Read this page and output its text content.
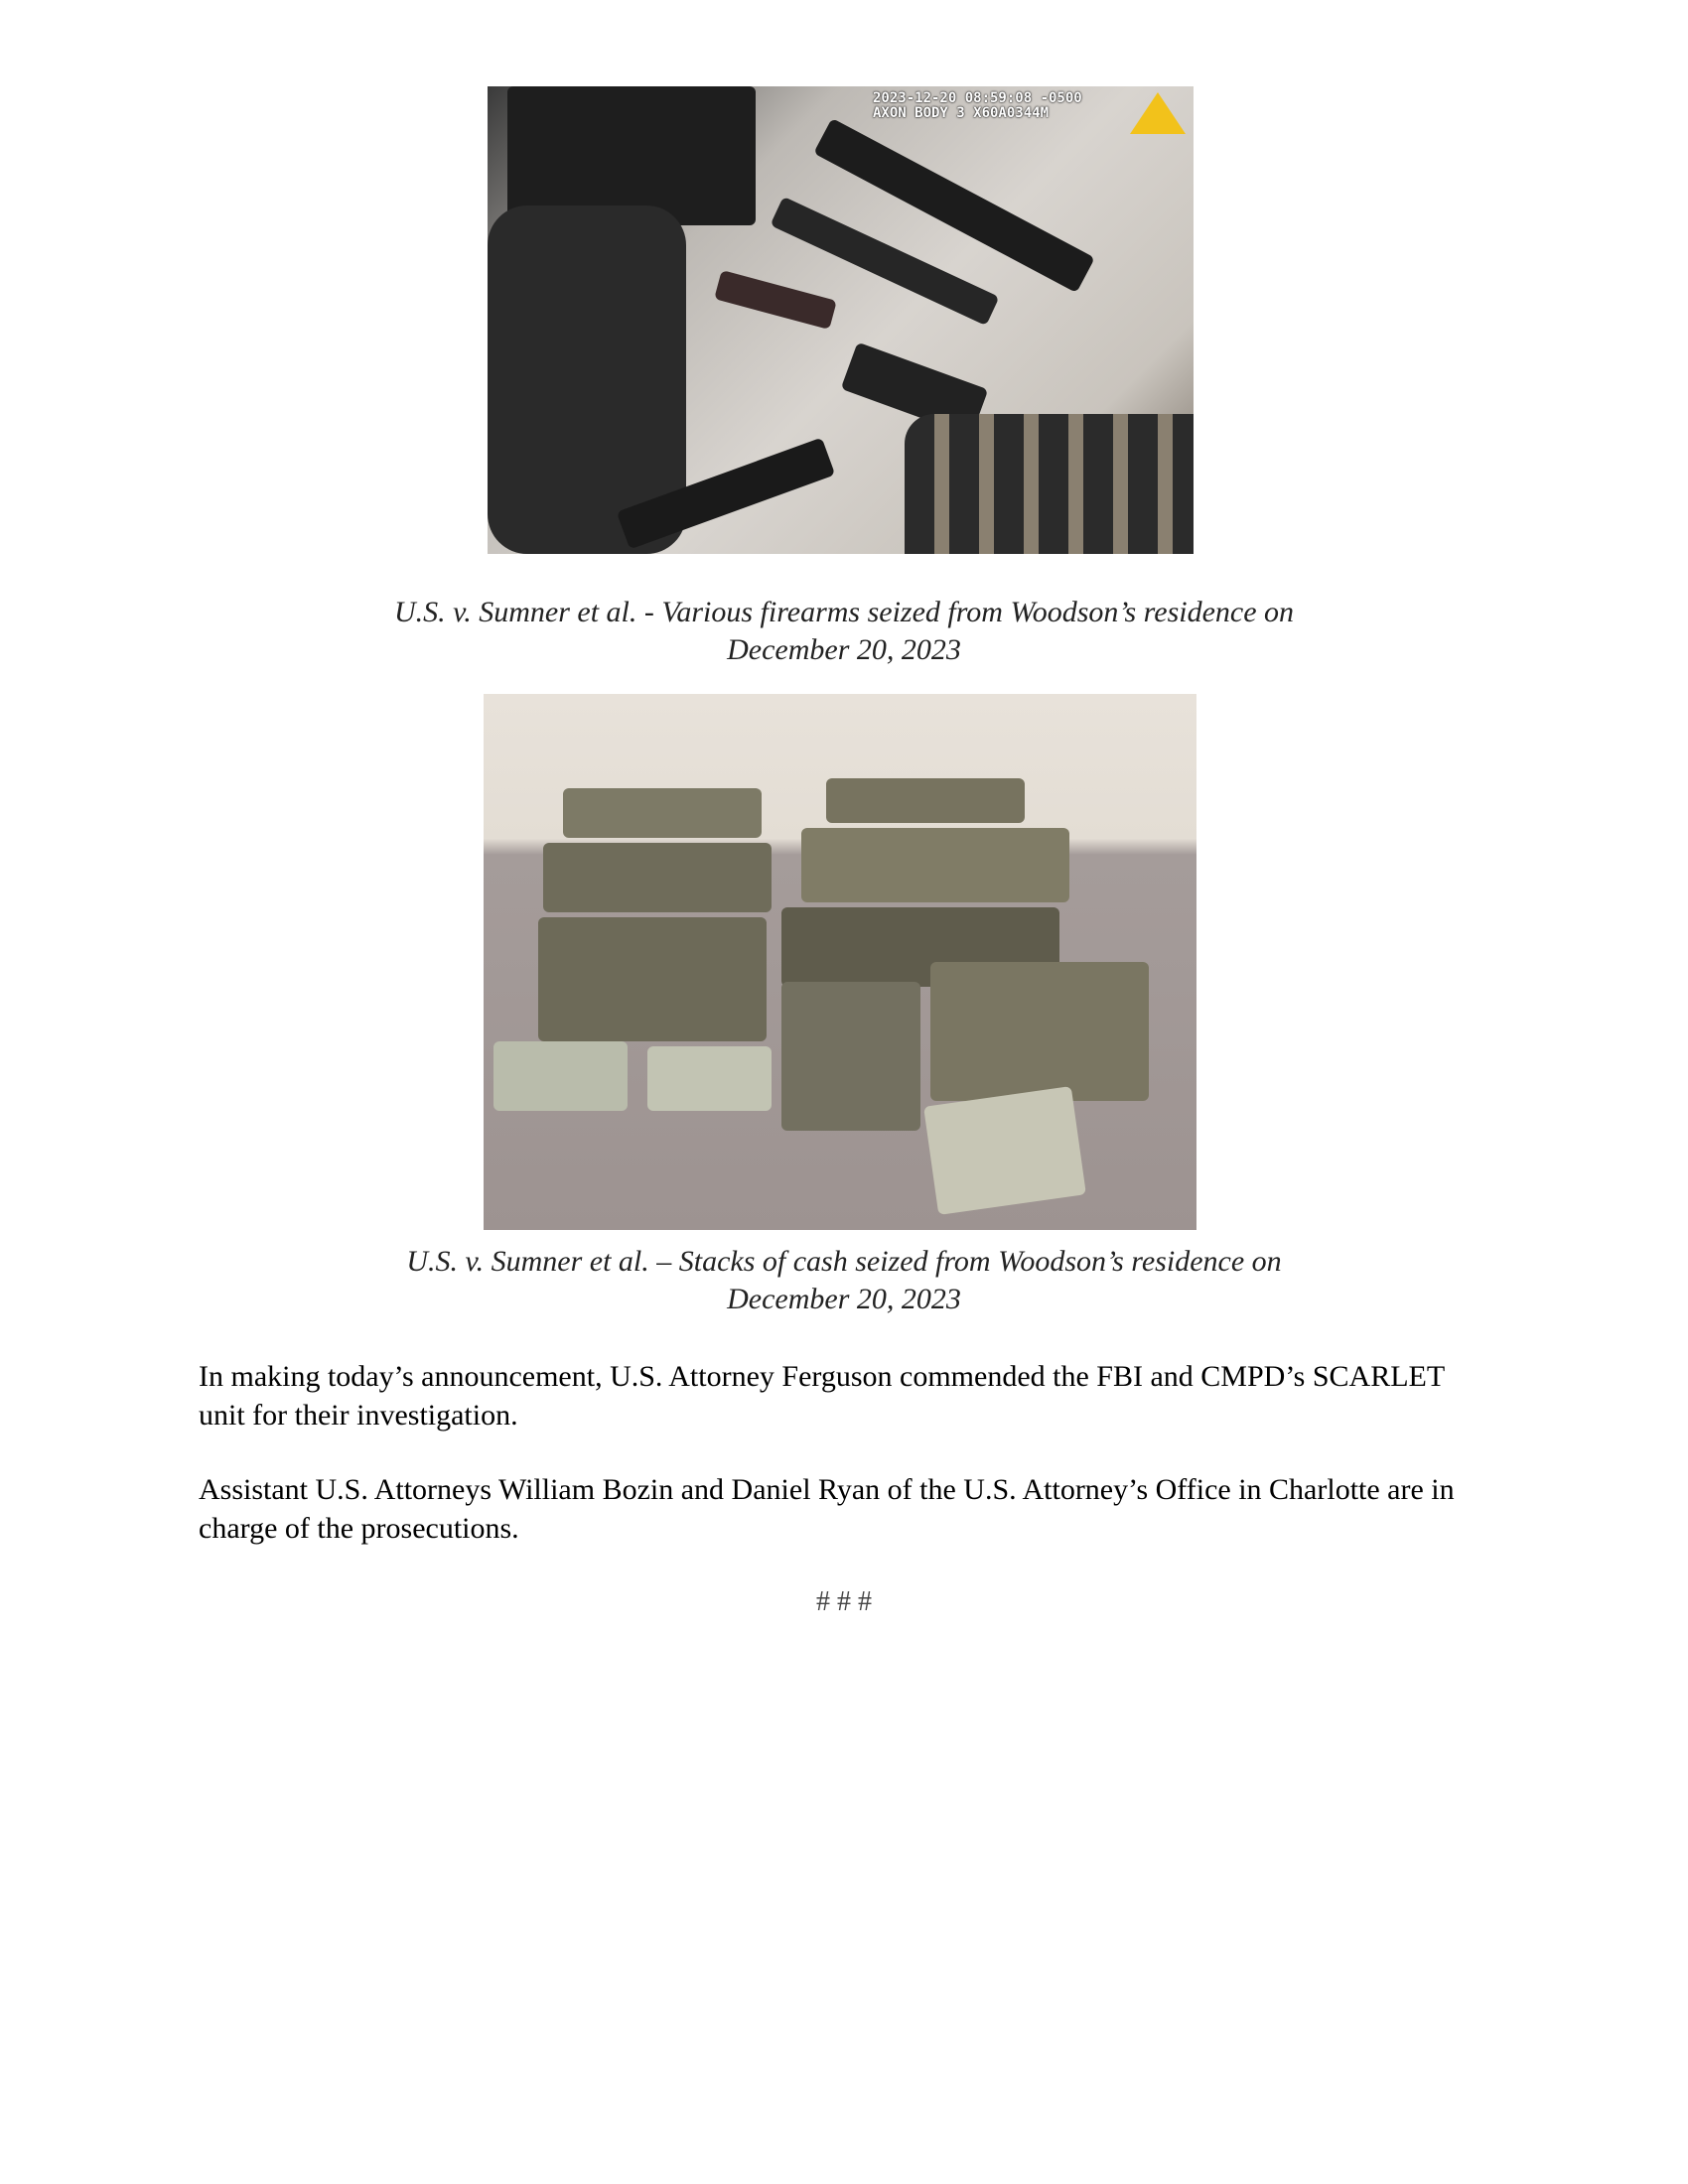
2023-12-20 08:59:08 -0500
AXON BODY 3 X60A0344M
U.S. v. Sumner et al. - Various firearms seized from Woodson’s residence on
December 20, 2023
U.S. v. Sumner et al. – Stacks of cash seized from Woodson’s residence on
December 20, 2023
In making today’s announcement, U.S. Attorney Ferguson commended the FBI and CMPD’s SCARLET unit for their investigation.
Assistant U.S. Attorneys William Bozin and Daniel Ryan of the U.S. Attorney’s Office in Charlotte are in charge of the prosecutions.
# # #
